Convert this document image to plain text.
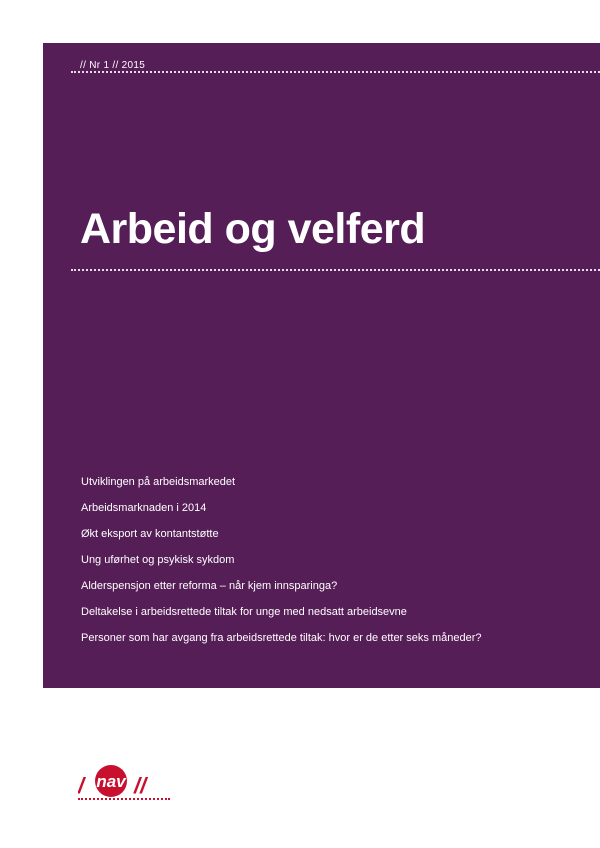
// Nr 1 // 2015
Arbeid og velferd
Utviklingen på arbeidsmarkedet
Arbeidsmarknaden i 2014
Økt eksport av kontantstøtte
Ung uførhet og psykisk sykdom
Alderspensjon etter reforma – når kjem innsparinga?
Deltakelse i arbeidsrettede tiltak for unge med nedsatt arbeidsevne
Personer som har avgang fra arbeidsrettede tiltak: hvor er de etter seks måneder?
/ nav //
